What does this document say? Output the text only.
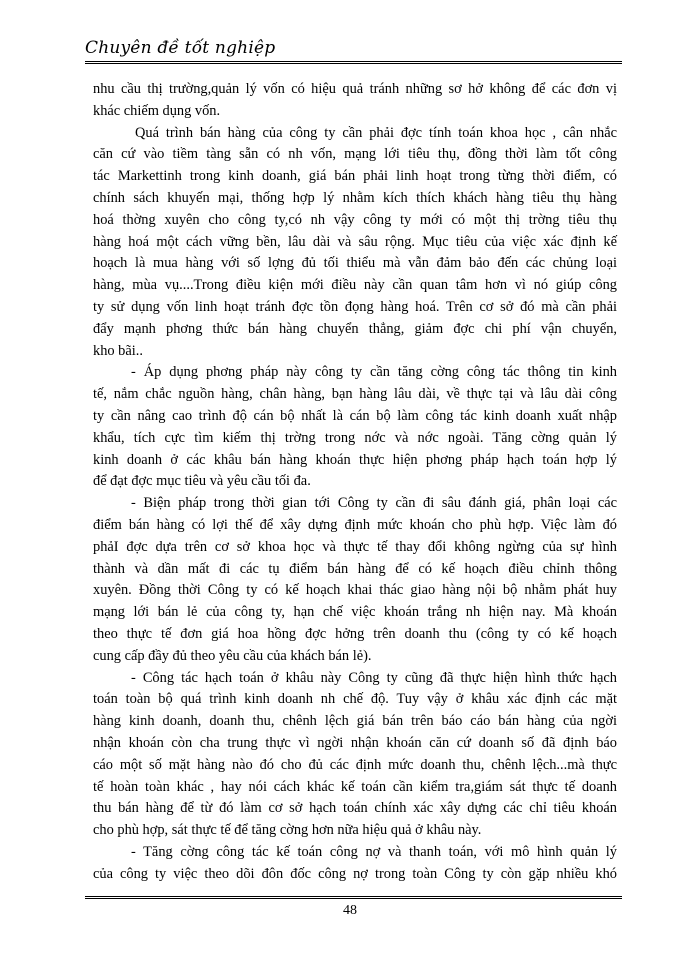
Chuyên đề tốt nghiệp
nhu cầu thị trường,quản lý vốn có hiệu quả tránh những sơ hở không để các đơn vị
khác chiếm dụng vốn.
Quá trình bán hàng của công ty cần phải đợc tính toán khoa học , cân nhắc
căn cứ vào tiềm tàng sẵn có nh vốn, mạng lới tiêu thụ, đồng thời làm tốt công
tác Markettinh trong kinh doanh, giá bán phải linh hoạt trong từng thời điểm, có
chính sách khuyến mại, thống hợp lý nhằm kích thích khách hàng tiêu thụ hàng
hoá thờng xuyên cho công ty,có nh vậy công ty mới có một thị trờng tiêu thụ
hàng hoá một cách vững bền, lâu dài và sâu rộng. Mục tiêu của việc xác định kế
hoạch là mua hàng với số lợng đủ tối thiểu mà vẫn đảm bảo đến các chủng loại
hàng, mùa vụ....Trong điều kiện mới điều này cần quan tâm hơn vì nó giúp công
ty sử dụng vốn linh hoạt tránh đợc tồn đọng hàng hoá. Trên cơ sở đó mà cần phải
đẩy mạnh phơng thức bán hàng chuyển thẳng, giảm đợc chi phí vận chuyển,
kho bãi..
- Áp dụng phơng pháp này công ty cần tăng cờng công tác thông tin kinh
tế, nắm chắc nguồn hàng, chân hàng, bạn hàng lâu dài, về thực tại và lâu dài công
ty cần nâng cao trình độ cán bộ nhất là cán bộ làm công tác kinh doanh xuất nhập
khẩu, tích cực tìm kiếm thị trờng trong nớc và nớc ngoài. Tăng cờng quản lý
kinh doanh ở các khâu bán hàng khoán thực hiện phơng pháp hạch toán hợp lý
để đạt đợc mục tiêu và yêu cầu tối đa.
- Biện pháp trong thời gian tới Công ty cần đi sâu đánh giá, phân loại các
điểm bán hàng có lợi thế để xây dựng định mức khoán cho phù hợp. Việc làm đó
phảI đợc dựa trên cơ sở khoa học và thực tế thay đổi không ngừng của sự hình
thành và dần mất đi các tụ điểm bán hàng để có kế hoạch điều chỉnh thông
xuyên. Đồng thời Công ty có kế hoạch khai thác giao hàng nội bộ nhằm phát huy
mạng lới bán lẻ của công ty, hạn chế việc khoán trắng nh hiện nay. Mà khoán
theo thực tế đơn giá hoa hồng đợc hởng trên doanh thu (công ty có kế hoạch
cung cấp đầy đủ theo yêu cầu của khách bán lẻ).
- Công tác hạch toán ở khâu này Công ty cũng đã thực hiện hình thức hạch
toán toàn bộ quá trình kinh doanh nh chế độ. Tuy vậy ở khâu xác định các mặt
hàng kinh doanh, doanh thu, chênh lệch giá bán trên báo cáo bán hàng của ngời
nhận khoán còn cha trung thực vì ngời nhận khoán căn cứ doanh số đã định báo
cáo một số mặt hàng nào đó cho đủ các định mức doanh thu, chênh lệch...mà thực
tế hoàn toàn khác , hay nói cách khác kế toán cần kiểm tra,giám sát thực tế doanh
thu bán hàng để từ đó làm cơ sở hạch toán chính xác xây dựng các chỉ tiêu khoán
cho phù hợp, sát thực tế để tăng cờng hơn nữa hiệu quả ở khâu này.
- Tăng cờng công tác kế toán công nợ và thanh toán, với mô hình quản lý
của công ty việc theo dõi đôn đốc công nợ trong toàn Công ty còn gặp nhiều khó
48
